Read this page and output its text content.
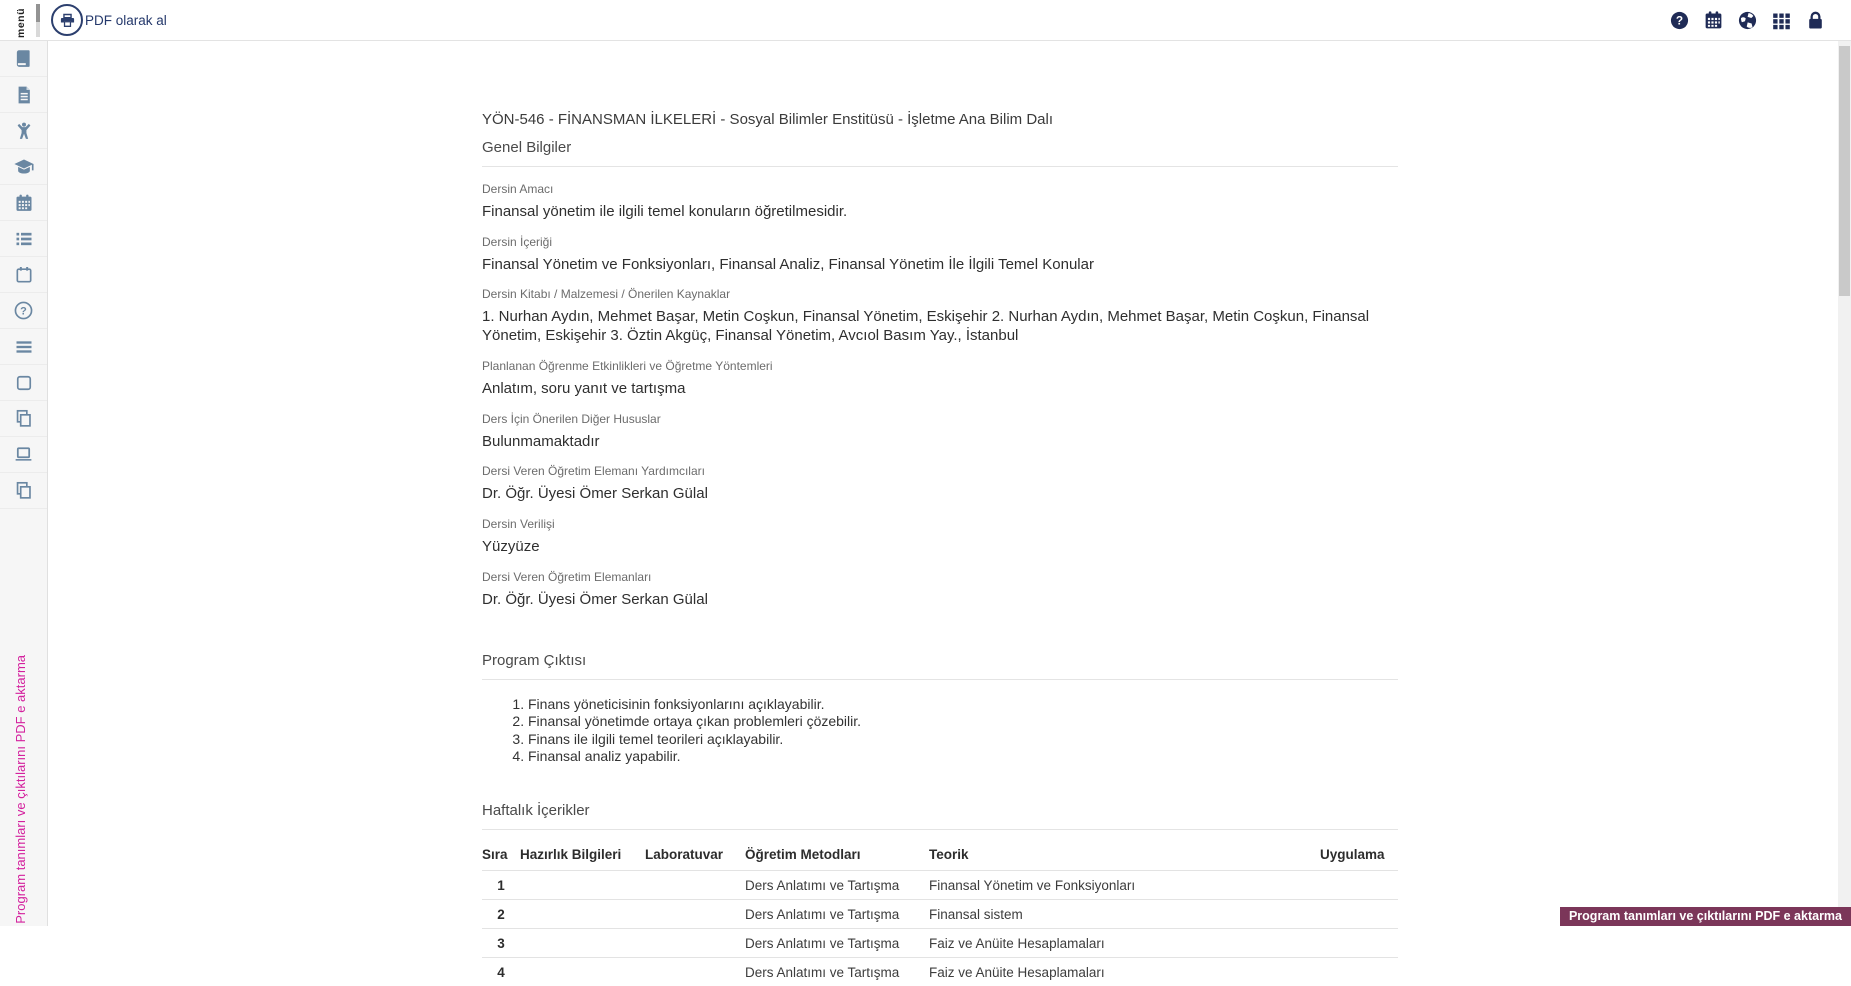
menü	PDF olarak al	?
?
Program tanımları ve çıktılarını PDF e aktarma
YÖN-546 - FİNANSMAN İLKELERİ - Sosyal Bilimler Enstitüsü - İşletme Ana Bilim Dalı
Genel Bilgiler
Dersin Amacı
Finansal yönetim ile ilgili temel konuların öğretilmesidir.
Dersin İçeriği
Finansal Yönetim ve Fonksiyonları, Finansal Analiz, Finansal Yönetim İle İlgili Temel Konular
Dersin Kitabı / Malzemesi / Önerilen Kaynaklar
1. Nurhan Aydın, Mehmet Başar, Metin Coşkun, Finansal Yönetim, Eskişehir 2. Nurhan Aydın, Mehmet Başar, Metin Coşkun, Finansal Yönetim, Eskişehir 3. Öztin Akgüç, Finansal Yönetim, Avcıol Basım Yay., İstanbul
Planlanan Öğrenme Etkinlikleri ve Öğretme Yöntemleri
Anlatım, soru yanıt ve tartışma
Ders İçin Önerilen Diğer Hususlar
Bulunmamaktadır
Dersi Veren Öğretim Elemanı Yardımcıları
Dr. Öğr. Üyesi Ömer Serkan Gülal
Dersin Verilişi
Yüzyüze
Dersi Veren Öğretim Elemanları
Dr. Öğr. Üyesi Ömer Serkan Gülal
Program Çıktısı
1. Finans yöneticisinin fonksiyonlarını açıklayabilir.
2. Finansal yönetimde ortaya çıkan problemleri çözebilir.
3. Finans ile ilgili temel teorileri açıklayabilir.
4. Finansal analiz yapabilir.
Haftalık İçerikler
Sıra	Hazırlık Bilgileri	Laboratuvar	Öğretim Metodları	Teorik	Uygulama
1			Ders Anlatımı ve Tartışma	Finansal Yönetim ve Fonksiyonları	
2			Ders Anlatımı ve Tartışma	Finansal sistem	
3			Ders Anlatımı ve Tartışma	Faiz ve Anüite Hesaplamaları	
4			Ders Anlatımı ve Tartışma	Faiz ve Anüite Hesaplamaları	
Program tanımları ve çıktılarını PDF e aktarma
